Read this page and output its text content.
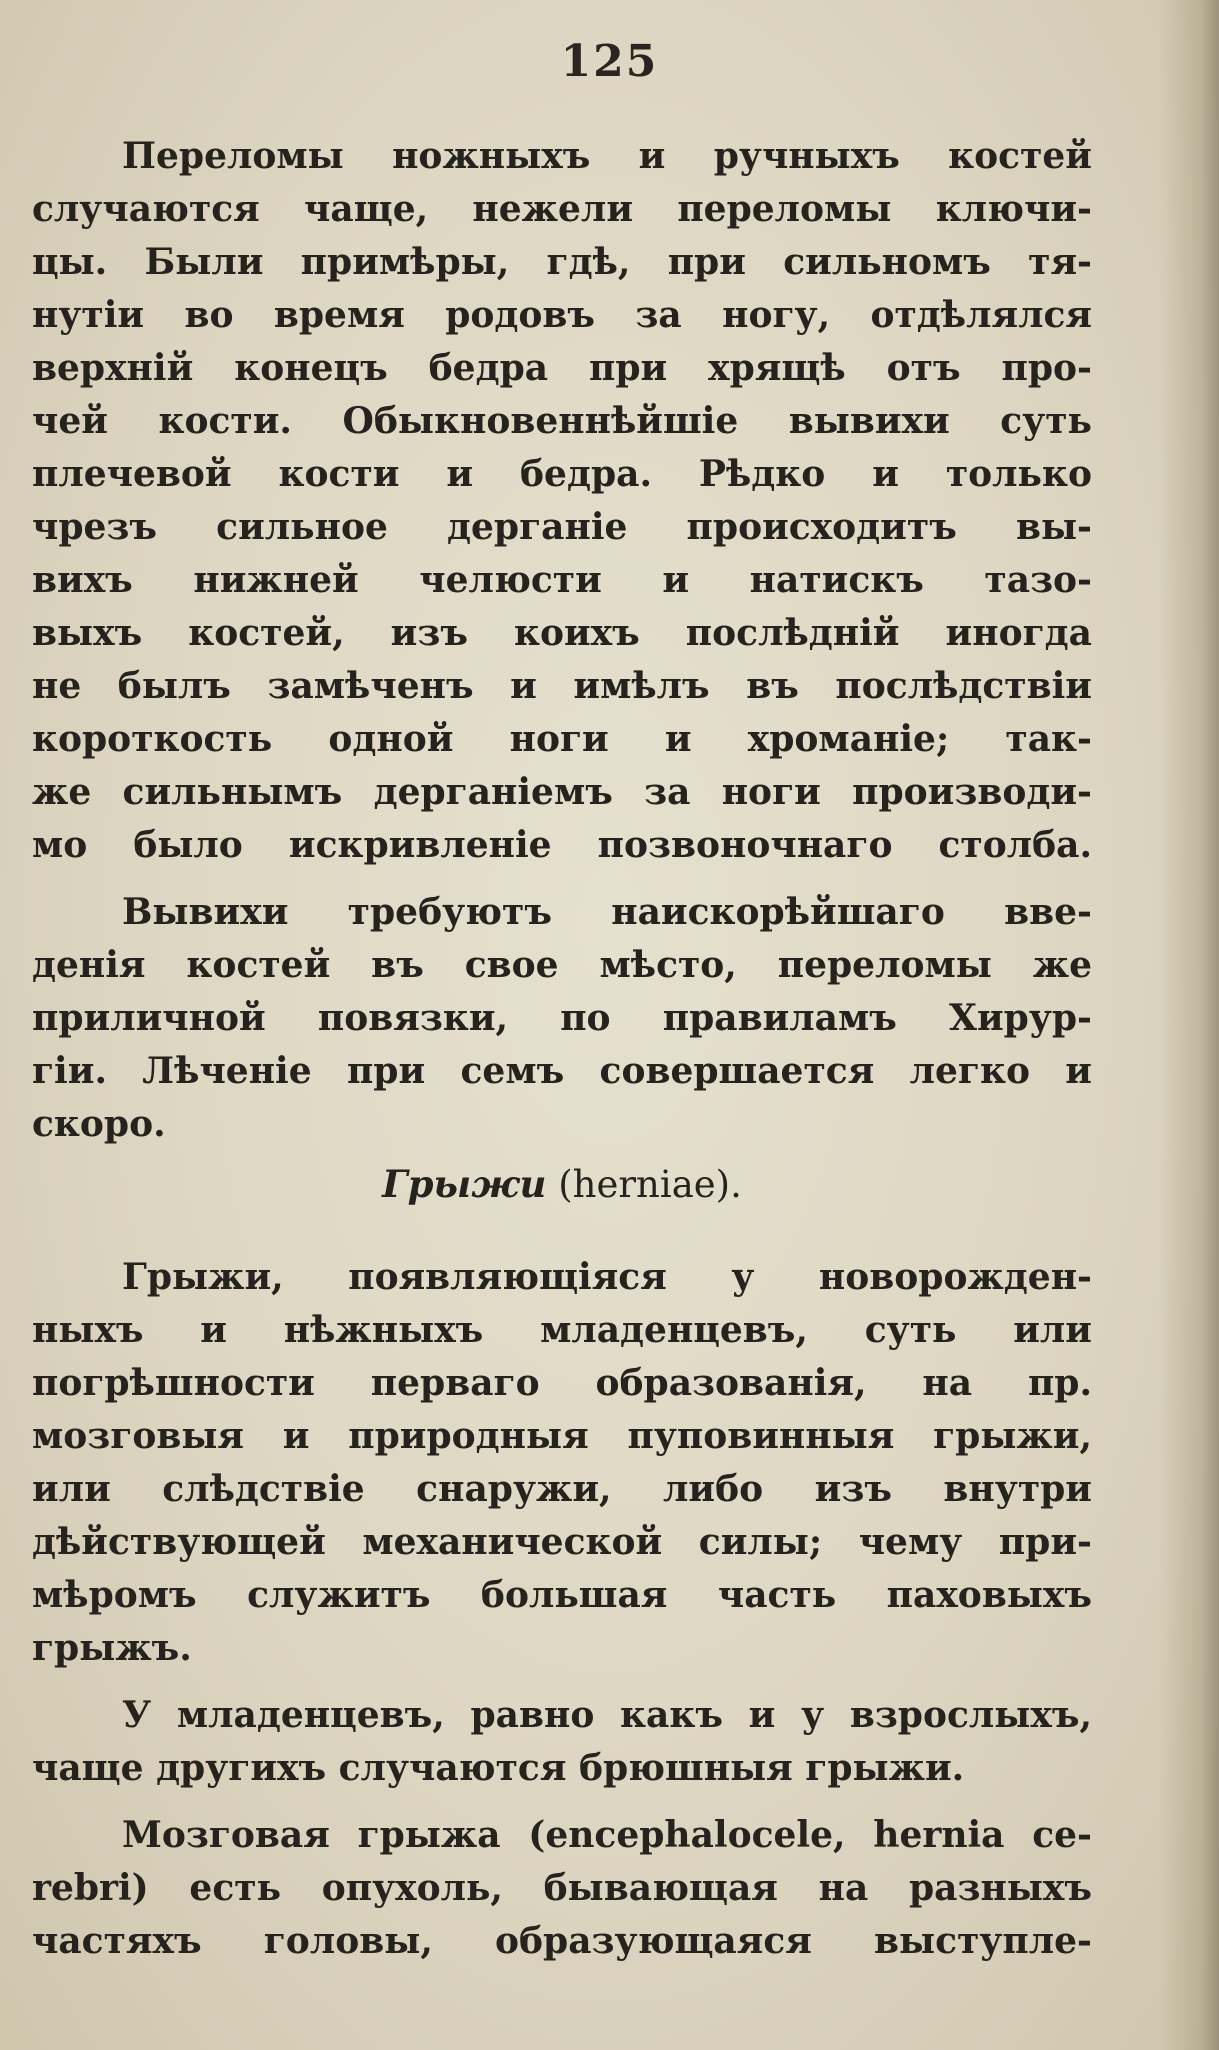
125
Переломы ножныхъ и ручныхъ костей
случаются чаще, нежели переломы ключи-
цы. Были примѣры, гдѣ, при сильномъ тя-
нутіи во время родовъ за ногу, отдѣлялся
верхній конецъ бедра при хрящѣ отъ про-
чей кости. Обыкновеннѣйшіе вывихи суть
плечевой кости и бедра. Рѣдко и только
чрезъ сильное дерганіе происходитъ вы-
вихъ нижней челюсти и натискъ тазо-
выхъ костей, изъ коихъ послѣдній иногда
не былъ замѣченъ и имѣлъ въ послѣдствіи
короткость одной ноги и хроманіе; так-
же сильнымъ дерганіемъ за ноги производи-
мо было искривленіе позвоночнаго столба.
Вывихи требуютъ наискорѣйшаго вве-
денія костей въ свое мѣсто, переломы же
приличной повязки, по правиламъ Хирур-
гіи. Лѣченіе при семъ совершается легко и
скоро.
Грыжи (herniae).
Грыжи, появляющіяся у новорожден-
ныхъ и нѣжныхъ младенцевъ, суть или
погрѣшности перваго образованія, на пр.
мозговыя и природныя пуповинныя грыжи,
или слѣдствіе снаружи, либо изъ внутри
дѣйствующей механической силы; чему при-
мѣромъ служитъ большая часть паховыхъ
грыжъ.
У младенцевъ, равно какъ и у взрослыхъ,
чаще другихъ случаются брюшныя грыжи.
Мозговая грыжа (encephalocele, hernia ce-
rebri) есть опухоль, бывающая на разныхъ
частяхъ головы, образующаяся выступле-
